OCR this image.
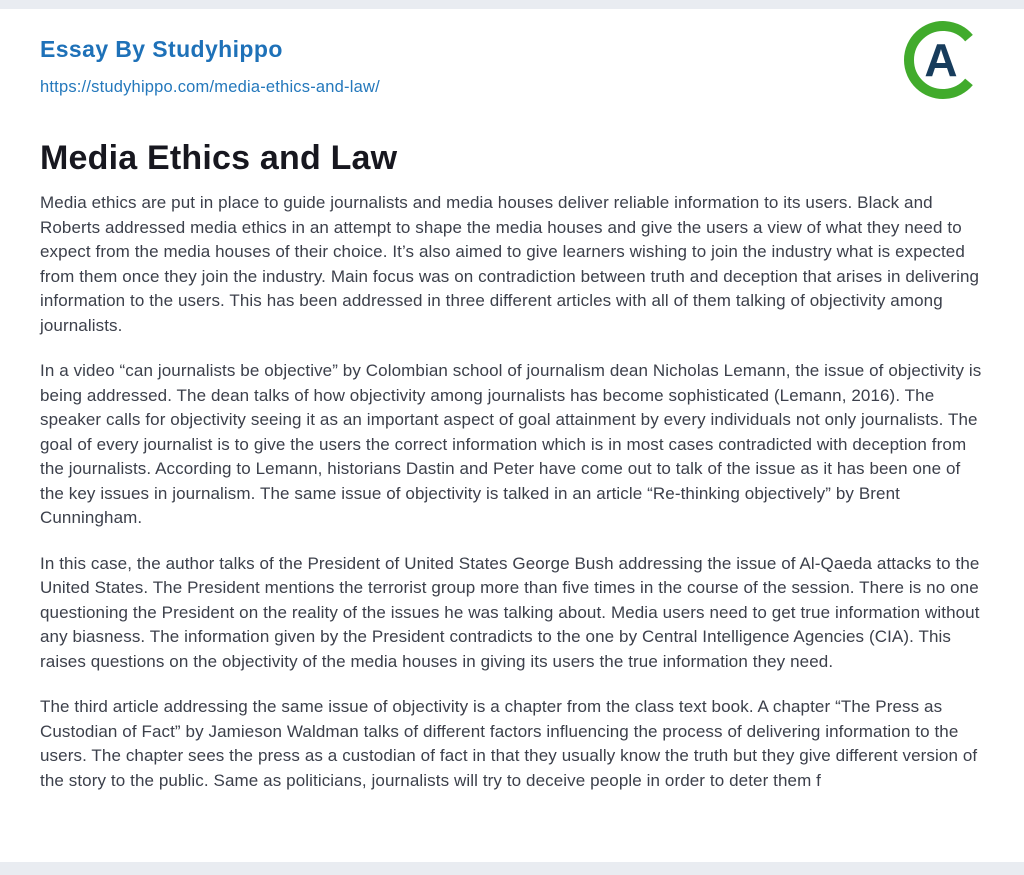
Essay By Studyhippo
https://studyhippo.com/media-ethics-and-law/
A
Media Ethics and Law

Media ethics are put in place to guide journalists and media houses deliver reliable information to its users. Black and Roberts addressed media ethics in an attempt to shape the media houses and give the users a view of what they need to expect from the media houses of their choice. It’s also aimed to give learners wishing to join the industry what is expected from them once they join the industry. Main focus was on contradiction between truth and deception that arises in delivering information to the users. This has been addressed in three different articles with all of them talking of objectivity among journalists.

In a video “can journalists be objective” by Colombian school of journalism dean Nicholas Lemann, the issue of objectivity is being addressed. The dean talks of how objectivity among journalists has become sophisticated (Lemann, 2016). The speaker calls for objectivity seeing it as an important aspect of goal attainment by every individuals not only journalists. The goal of every journalist is to give the users the correct information which is in most cases contradicted with deception from the journalists. According to Lemann, historians Dastin and Peter have come out to talk of the issue as it has been one of the key issues in journalism. The same issue of objectivity is talked in an article “Re-thinking objectively” by Brent Cunningham.

In this case, the author talks of the President of United States George Bush addressing the issue of Al-Qaeda attacks to the United States. The President mentions the terrorist group more than five times in the course of the session. There is no one questioning the President on the reality of the issues he was talking about. Media users need to get true information without any biasness. The information given by the President contradicts to the one by Central Intelligence Agencies (CIA). This raises questions on the objectivity of the media houses in giving its users the true information they need.

The third article addressing the same issue of objectivity is a chapter from the class text book. A chapter “The Press as Custodian of Fact” by Jamieson Waldman talks of different factors influencing the process of delivering information to the users. The chapter sees the press as a custodian of fact in that they usually know the truth but they give different version of the story to the public. Same as politicians, journalists will try to deceive people in order to deter them f
